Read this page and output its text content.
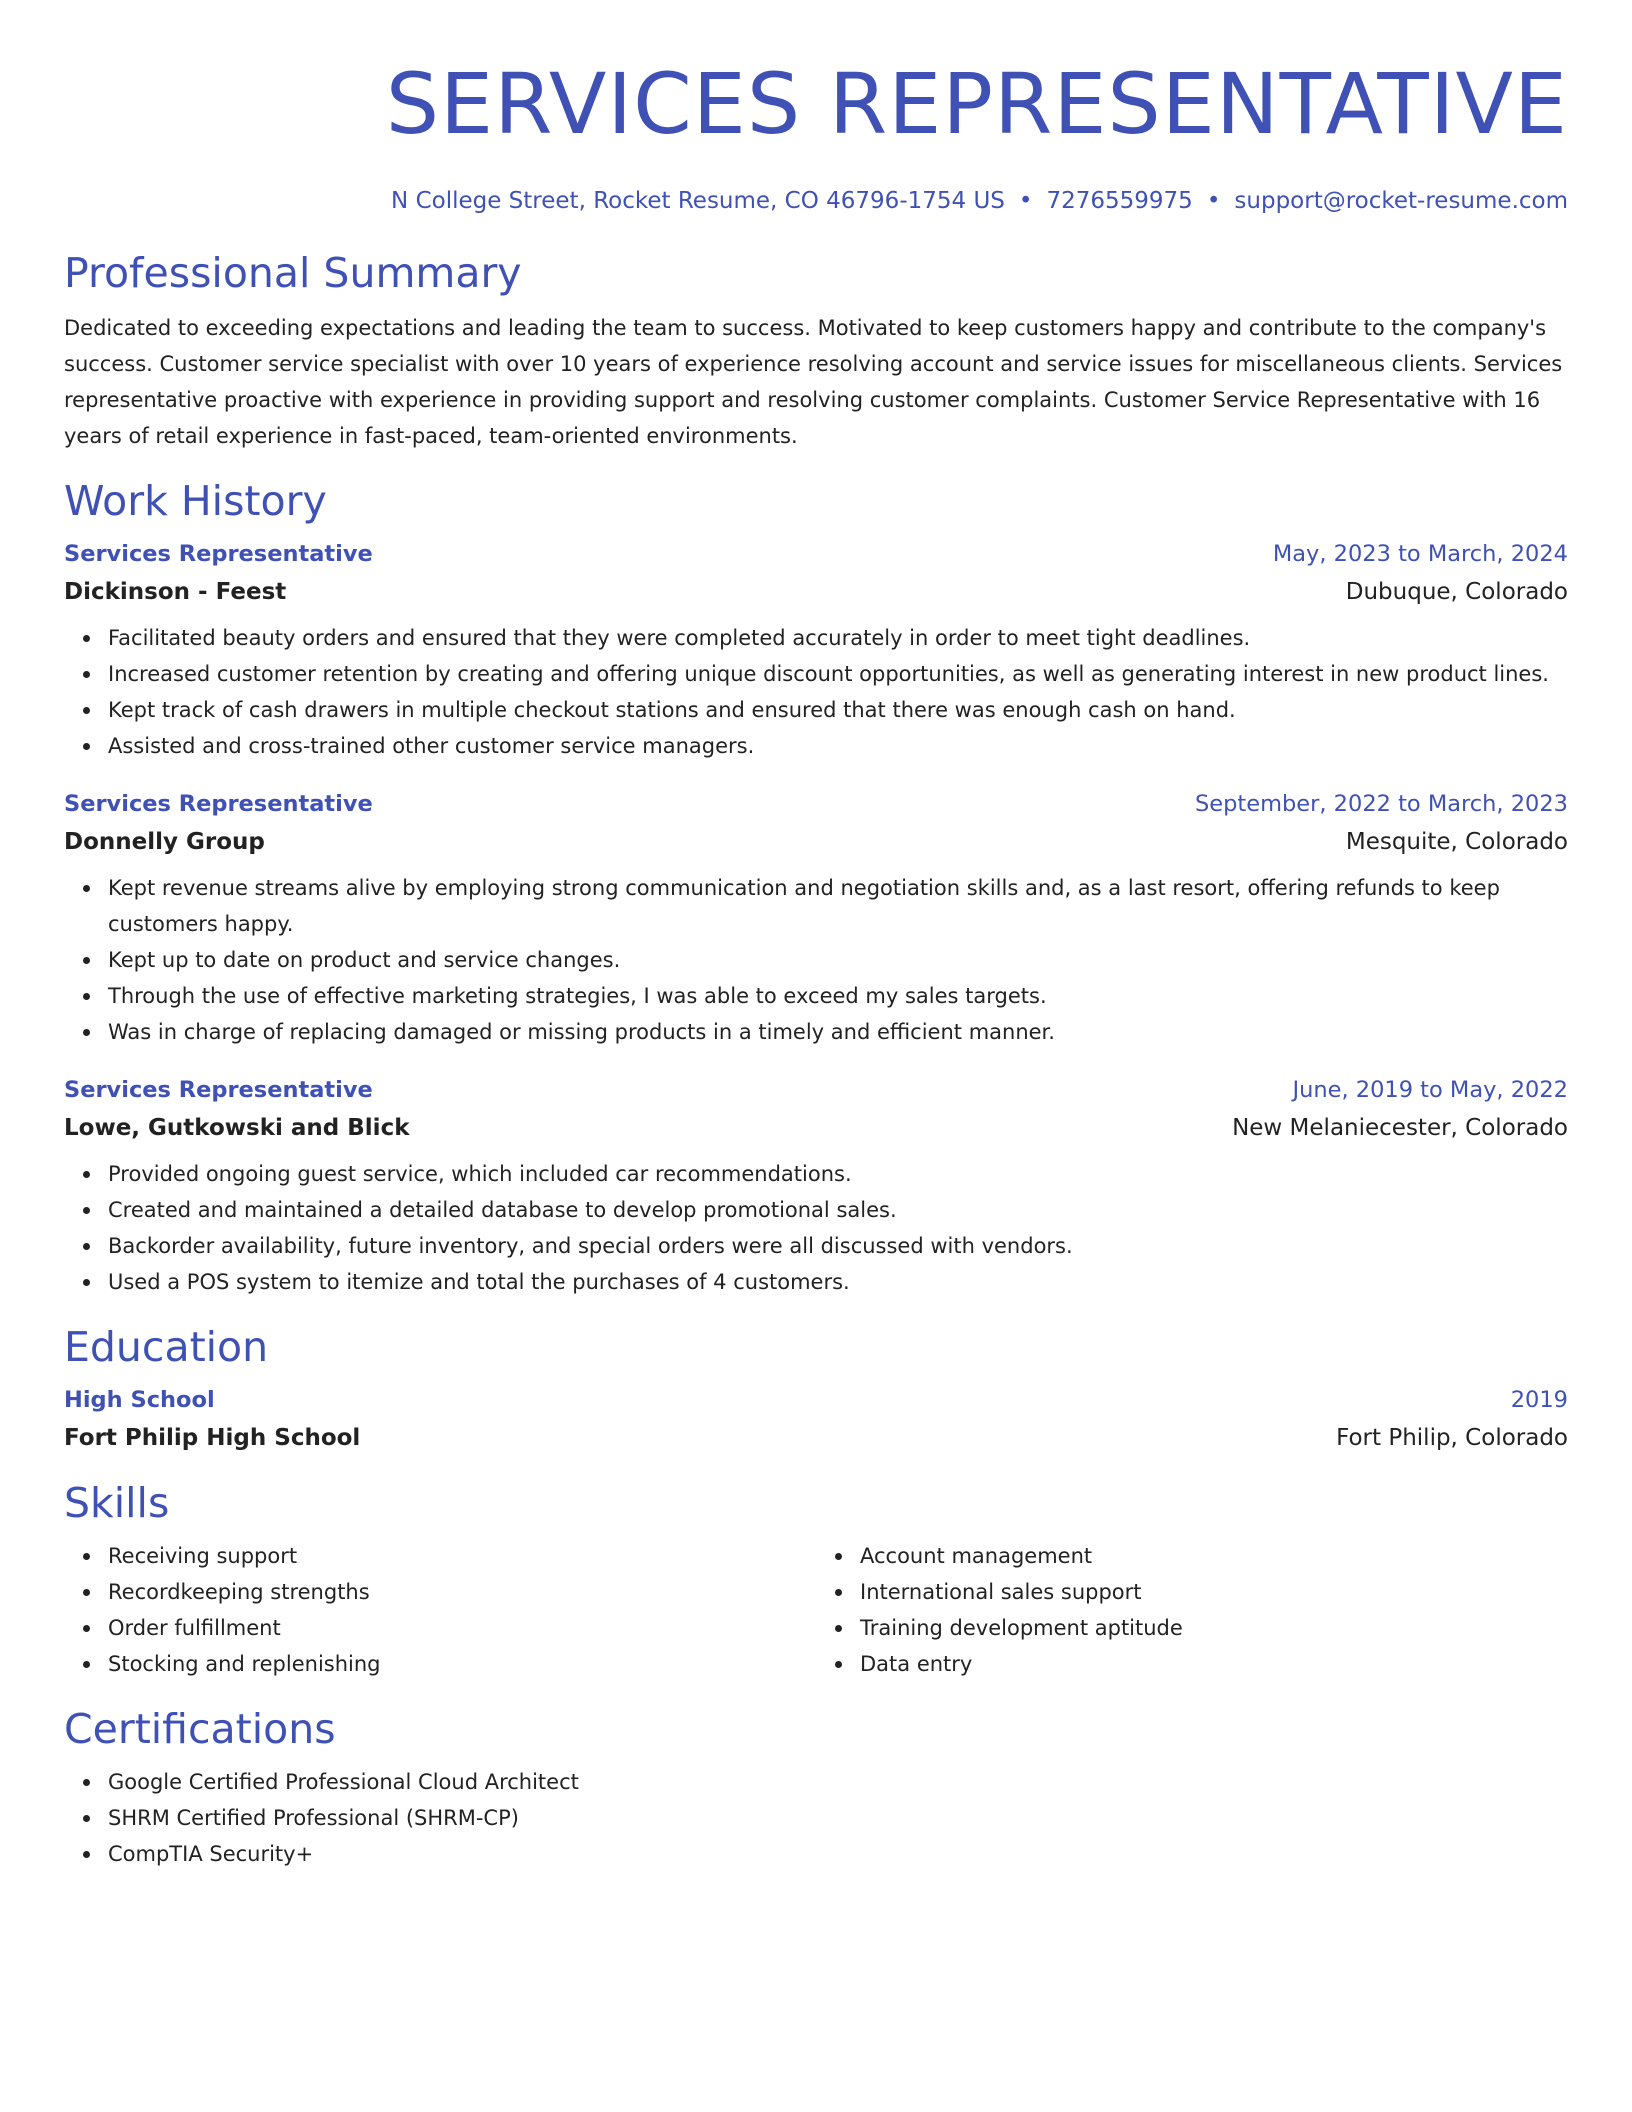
SERVICES REPRESENTATIVE
N College Street, Rocket Resume, CO 46796-1754 US • 7276559975 • support@rocket-resume.com
Professional Summary
Dedicated to exceeding expectations and leading the team to success. Motivated to keep customers happy and contribute to the company's success. Customer service specialist with over 10 years of experience resolving account and service issues for miscellaneous clients. Services representative proactive with experience in providing support and resolving customer complaints. Customer Service Representative with 16 years of retail experience in fast-paced, team-oriented environments.
Work History
Services Representative	May, 2023 to March, 2024
Dickinson - Feest	Dubuque, Colorado
Facilitated beauty orders and ensured that they were completed accurately in order to meet tight deadlines.
Increased customer retention by creating and offering unique discount opportunities, as well as generating interest in new product lines.
Kept track of cash drawers in multiple checkout stations and ensured that there was enough cash on hand.
Assisted and cross-trained other customer service managers.
Services Representative	September, 2022 to March, 2023
Donnelly Group	Mesquite, Colorado
Kept revenue streams alive by employing strong communication and negotiation skills and, as a last resort, offering refunds to keep customers happy.
Kept up to date on product and service changes.
Through the use of effective marketing strategies, I was able to exceed my sales targets.
Was in charge of replacing damaged or missing products in a timely and efficient manner.
Services Representative	June, 2019 to May, 2022
Lowe, Gutkowski and Blick	New Melaniecester, Colorado
Provided ongoing guest service, which included car recommendations.
Created and maintained a detailed database to develop promotional sales.
Backorder availability, future inventory, and special orders were all discussed with vendors.
Used a POS system to itemize and total the purchases of 4 customers.
Education
High School	2019
Fort Philip High School	Fort Philip, Colorado
Skills
Receiving support
Recordkeeping strengths
Order fulfillment
Stocking and replenishing
Account management
International sales support
Training development aptitude
Data entry
Certifications
Google Certified Professional Cloud Architect
SHRM Certified Professional (SHRM-CP)
CompTIA Security+
